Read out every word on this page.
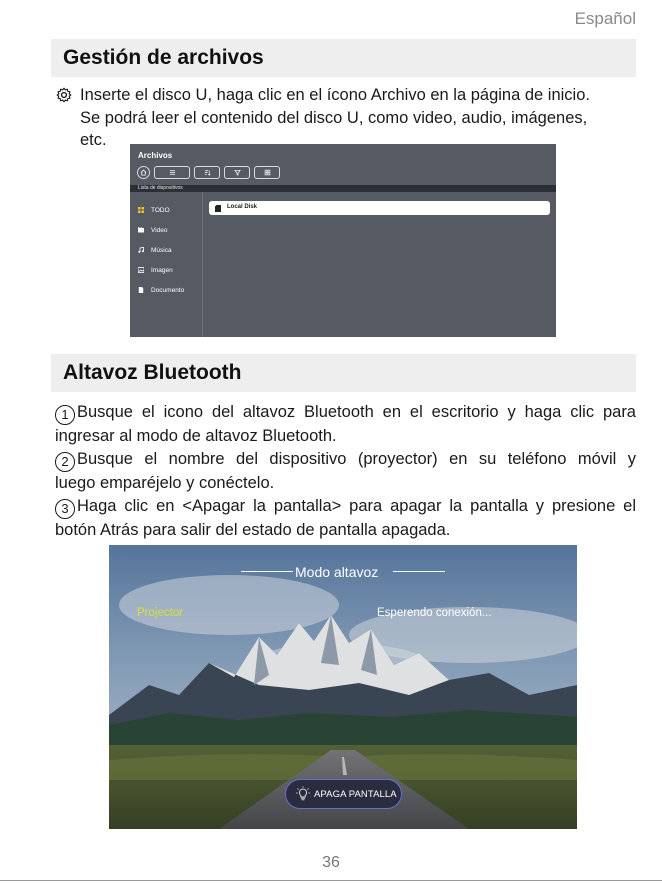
Español
Gestión de archivos
Inserte el disco U, haga clic en el ícono Archivo en la página de inicio.
Se podrá leer el contenido del disco U, como video, audio, imágenes,
etc.
Archivos
Lista de dispositivos
TODO
Video
Música
Imagen
Documento
Local Disk
Altavoz Bluetooth
1 Busque el icono del altavoz Bluetooth en el escritorio y haga clic para
ingresar al modo de altavoz Bluetooth.
2 Busque el nombre del dispositivo (proyector) en su teléfono móvil y
luego emparéjelo y conéctelo.
3 Haga clic en <Apagar la pantalla> para apagar la pantalla y presione el
botón Atrás para salir del estado de pantalla apagada.
Modo altavoz
Projector	Esperendo conexión...
APAGA PANTALLA
36
